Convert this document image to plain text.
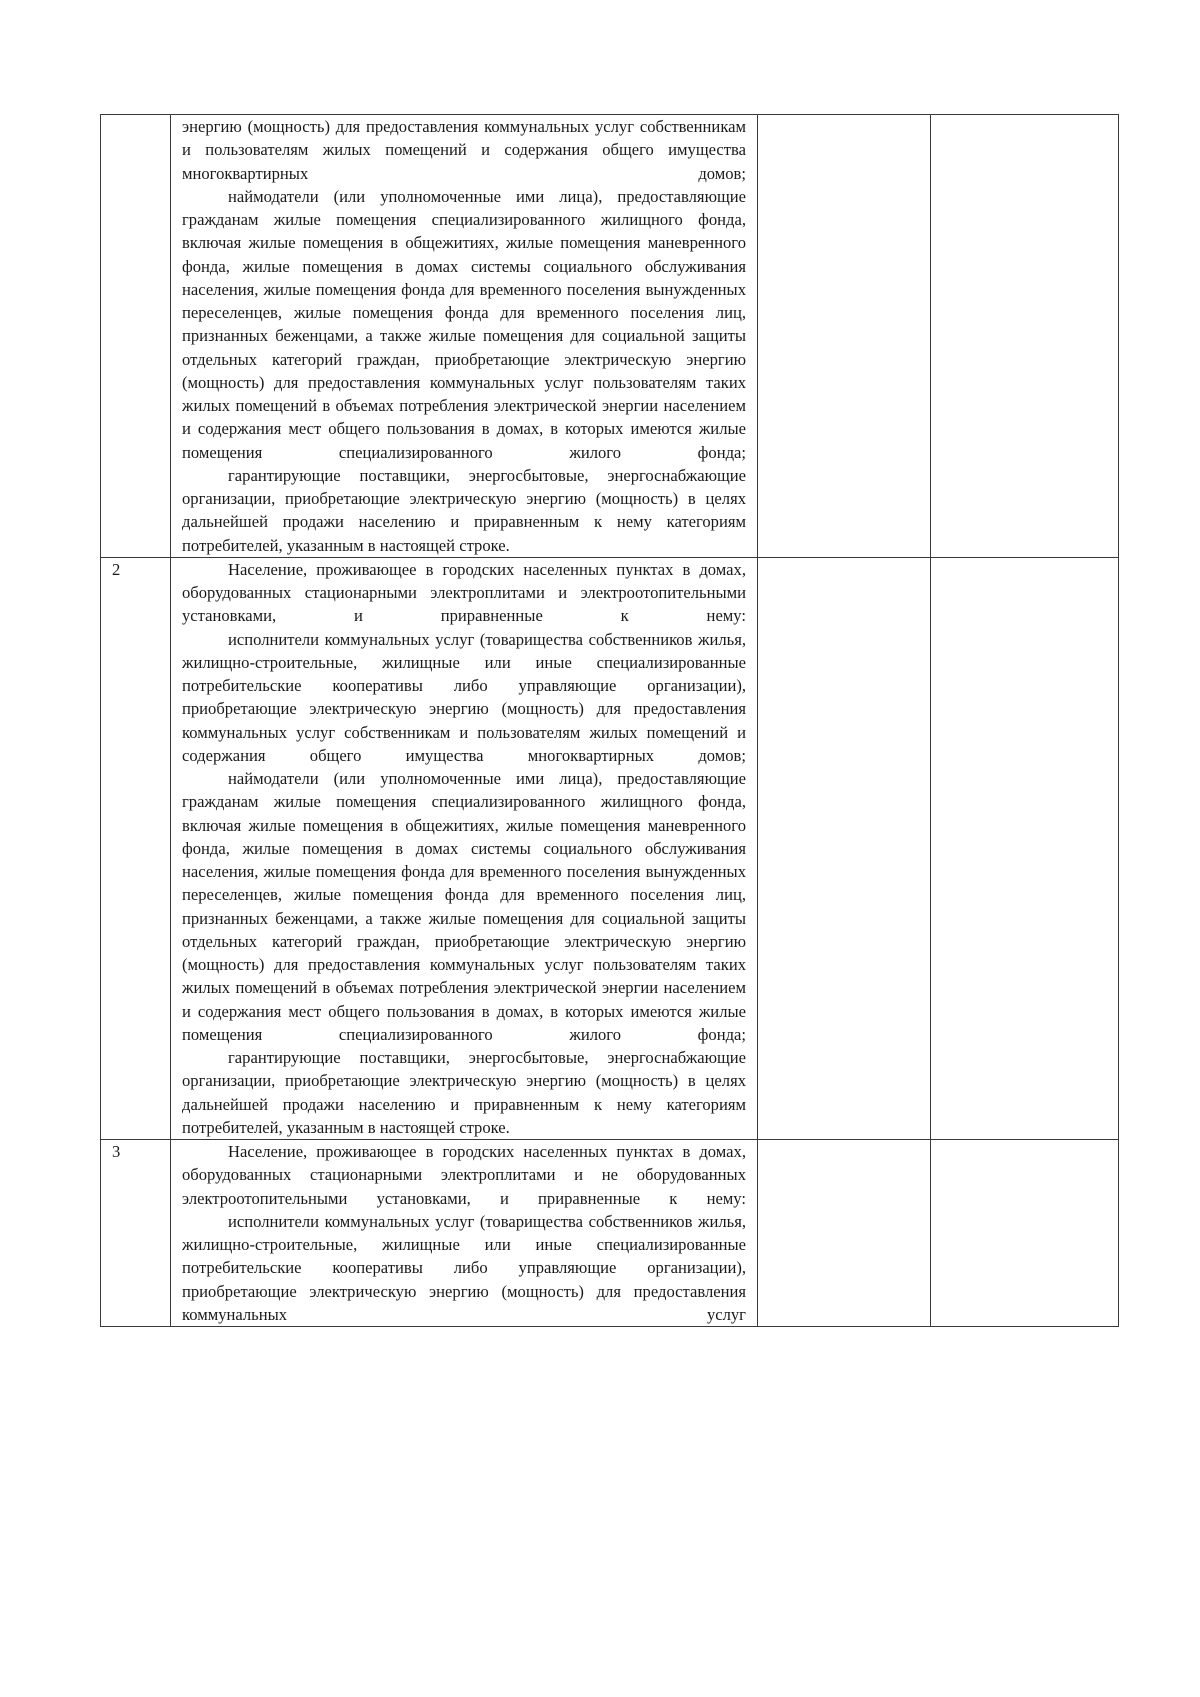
	энергию (мощность) для предоставления коммунальных услуг собственникам и пользователям жилых помещений и содержания общего имущества многоквартирных домов;

наймодатели (или уполномоченные ими лица), предоставляющие гражданам жилые помещения специализированного жилищного фонда, включая жилые помещения в общежитиях, жилые помещения маневренного фонда, жилые помещения в домах системы социального обслуживания населения, жилые помещения фонда для временного поселения вынужденных переселенцев, жилые помещения фонда для временного поселения лиц, признанных беженцами, а также жилые помещения для социальной защиты отдельных категорий граждан, приобретающие электрическую энергию (мощность) для предоставления коммунальных услуг пользователям таких жилых помещений в объемах потребления электрической энергии населением и содержания мест общего пользования в домах, в которых имеются жилые помещения специализированного жилого фонда;

гарантирующие поставщики, энергосбытовые, энергоснабжающие организации, приобретающие электрическую энергию (мощность) в целях дальнейшей продажи населению и приравненным к нему категориям потребителей, указанным в настоящей строке.		

2	Население, проживающее в городских населенных пунктах в домах, оборудованных стационарными электроплитами и электроотопительными установками, и приравненные к нему:

исполнители коммунальных услуг (товарищества собственников жилья, жилищно-строительные, жилищные или иные специализированные потребительские кооперативы либо управляющие организации), приобретающие электрическую энергию (мощность) для предоставления коммунальных услуг собственникам и пользователям жилых помещений и содержания общего имущества многоквартирных домов;

наймодатели (или уполномоченные ими лица), предоставляющие гражданам жилые помещения специализированного жилищного фонда, включая жилые помещения в общежитиях, жилые помещения маневренного фонда, жилые помещения в домах системы социального обслуживания населения, жилые помещения фонда для временного поселения вынужденных переселенцев, жилые помещения фонда для временного поселения лиц, признанных беженцами, а также жилые помещения для социальной защиты отдельных категорий граждан, приобретающие электрическую энергию (мощность) для предоставления коммунальных услуг пользователям таких жилых помещений в объемах потребления электрической энергии населением и содержания мест общего пользования в домах, в которых имеются жилые помещения специализированного жилого фонда;

гарантирующие поставщики, энергосбытовые, энергоснабжающие организации, приобретающие электрическую энергию (мощность) в целях дальнейшей продажи населению и приравненным к нему категориям потребителей, указанным в настоящей строке.		

3	Население, проживающее в городских населенных пунктах в домах, оборудованных стационарными электроплитами и не оборудованных электроотопительными установками, и приравненные к нему:

исполнители коммунальных услуг (товарищества собственников жилья, жилищно-строительные, жилищные или иные специализированные потребительские кооперативы либо управляющие организации), приобретающие электрическую энергию (мощность) для предоставления коммунальных услуг		
